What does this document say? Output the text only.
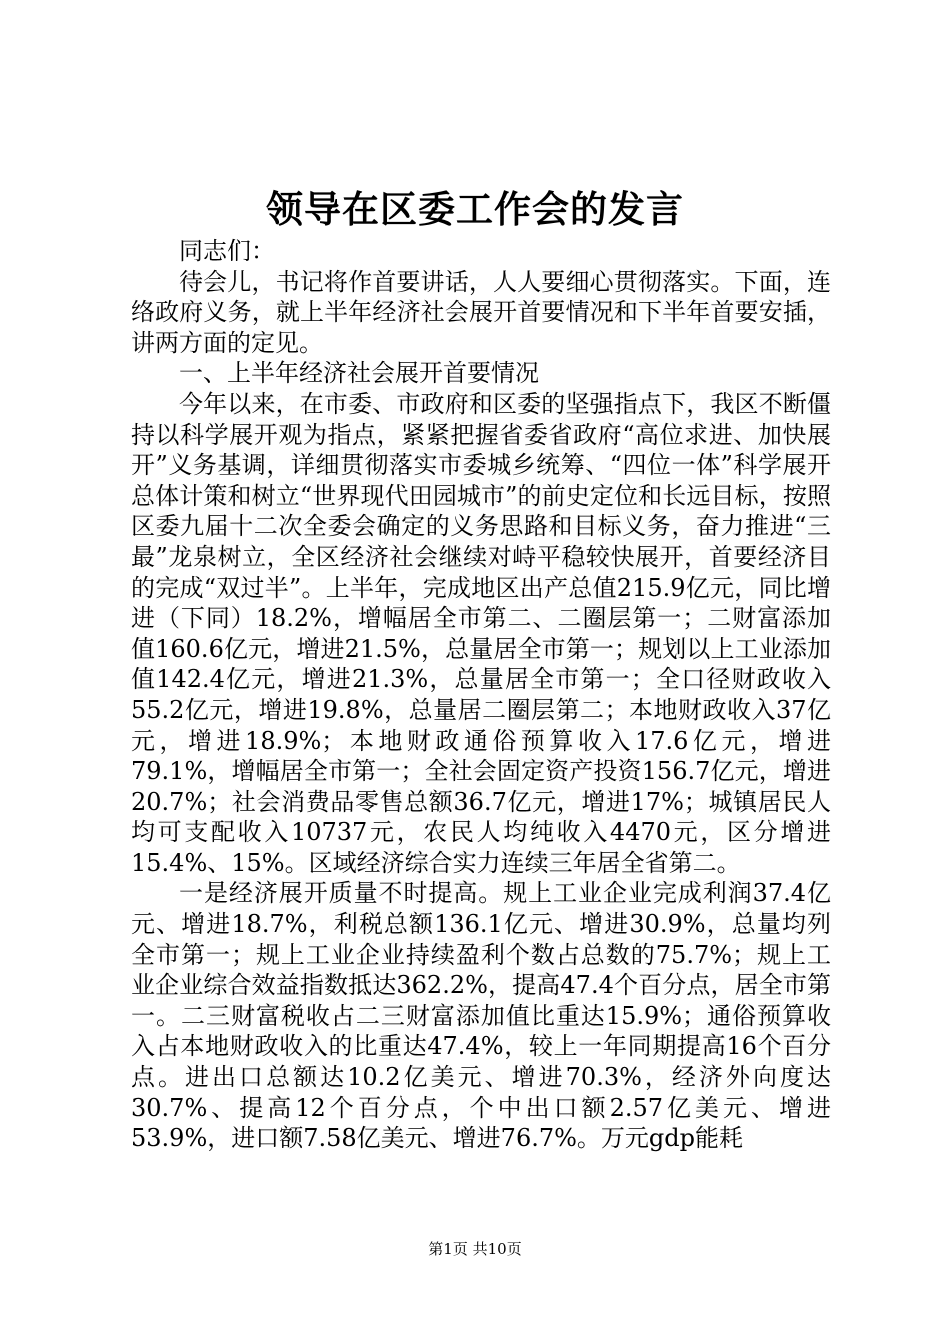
领导在区委工作会的发言

同志们：

待会儿，书记将作首要讲话，人人要细心贯彻落实。下面，连络政府义务，就上半年经济社会展开首要情况和下半年首要安插，讲两方面的定见。

一、上半年经济社会展开首要情况

今年以来，在市委、市政府和区委的坚强指点下，我区不断僵持以科学展开观为指点，紧紧把握省委省政府“高位求进、加快展开”义务基调，详细贯彻落实市委城乡统筹、“四位一体”科学展开总体计策和树立“世界现代田园城市”的前史定位和长远目标，按照区委九届十二次全委会确定的义务思路和目标义务，奋力推进“三最”龙泉树立，全区经济社会继续对峙平稳较快展开，首要经济目的完成“双过半”。上半年，完成地区出产总值215.9亿元，同比增进（下同）18.2%，增幅居全市第二、二圈层第一；二财富添加值160.6亿元，增进21.5%，总量居全市第一；规划以上工业添加值142.4亿元，增进21.3%，总量居全市第一；全口径财政收入55.2亿元，增进19.8%，总量居二圈层第二；本地财政收入37亿元，增进18.9%；本地财政通俗预算收入17.6亿元，增进79.1%，增幅居全市第一；全社会固定资产投资156.7亿元，增进20.7%；社会消费品零售总额36.7亿元，增进17%；城镇居民人均可支配收入10737元，农民人均纯收入4470元，区分增进15.4%、15%。区域经济综合实力连续三年居全省第二。

一是经济展开质量不时提高。规上工业企业完成利润37.4亿元、增进18.7%，利税总额136.1亿元、增进30.9%，总量均列全市第一；规上工业企业持续盈利个数占总数的75.7%；规上工业企业综合效益指数抵达362.2%，提高47.4个百分点，居全市第一。二三财富税收占二三财富添加值比重达15.9%；通俗预算收入占本地财政收入的比重达47.4%，较上一年同期提高16个百分点。进出口总额达10.2亿美元、增进70.3%，经济外向度达30.7%、提高12个百分点，个中出口额2.57亿美元、增进53.9%，进口额7.58亿美元、增进76.7%。万元gdp能耗

第1页 共10页
